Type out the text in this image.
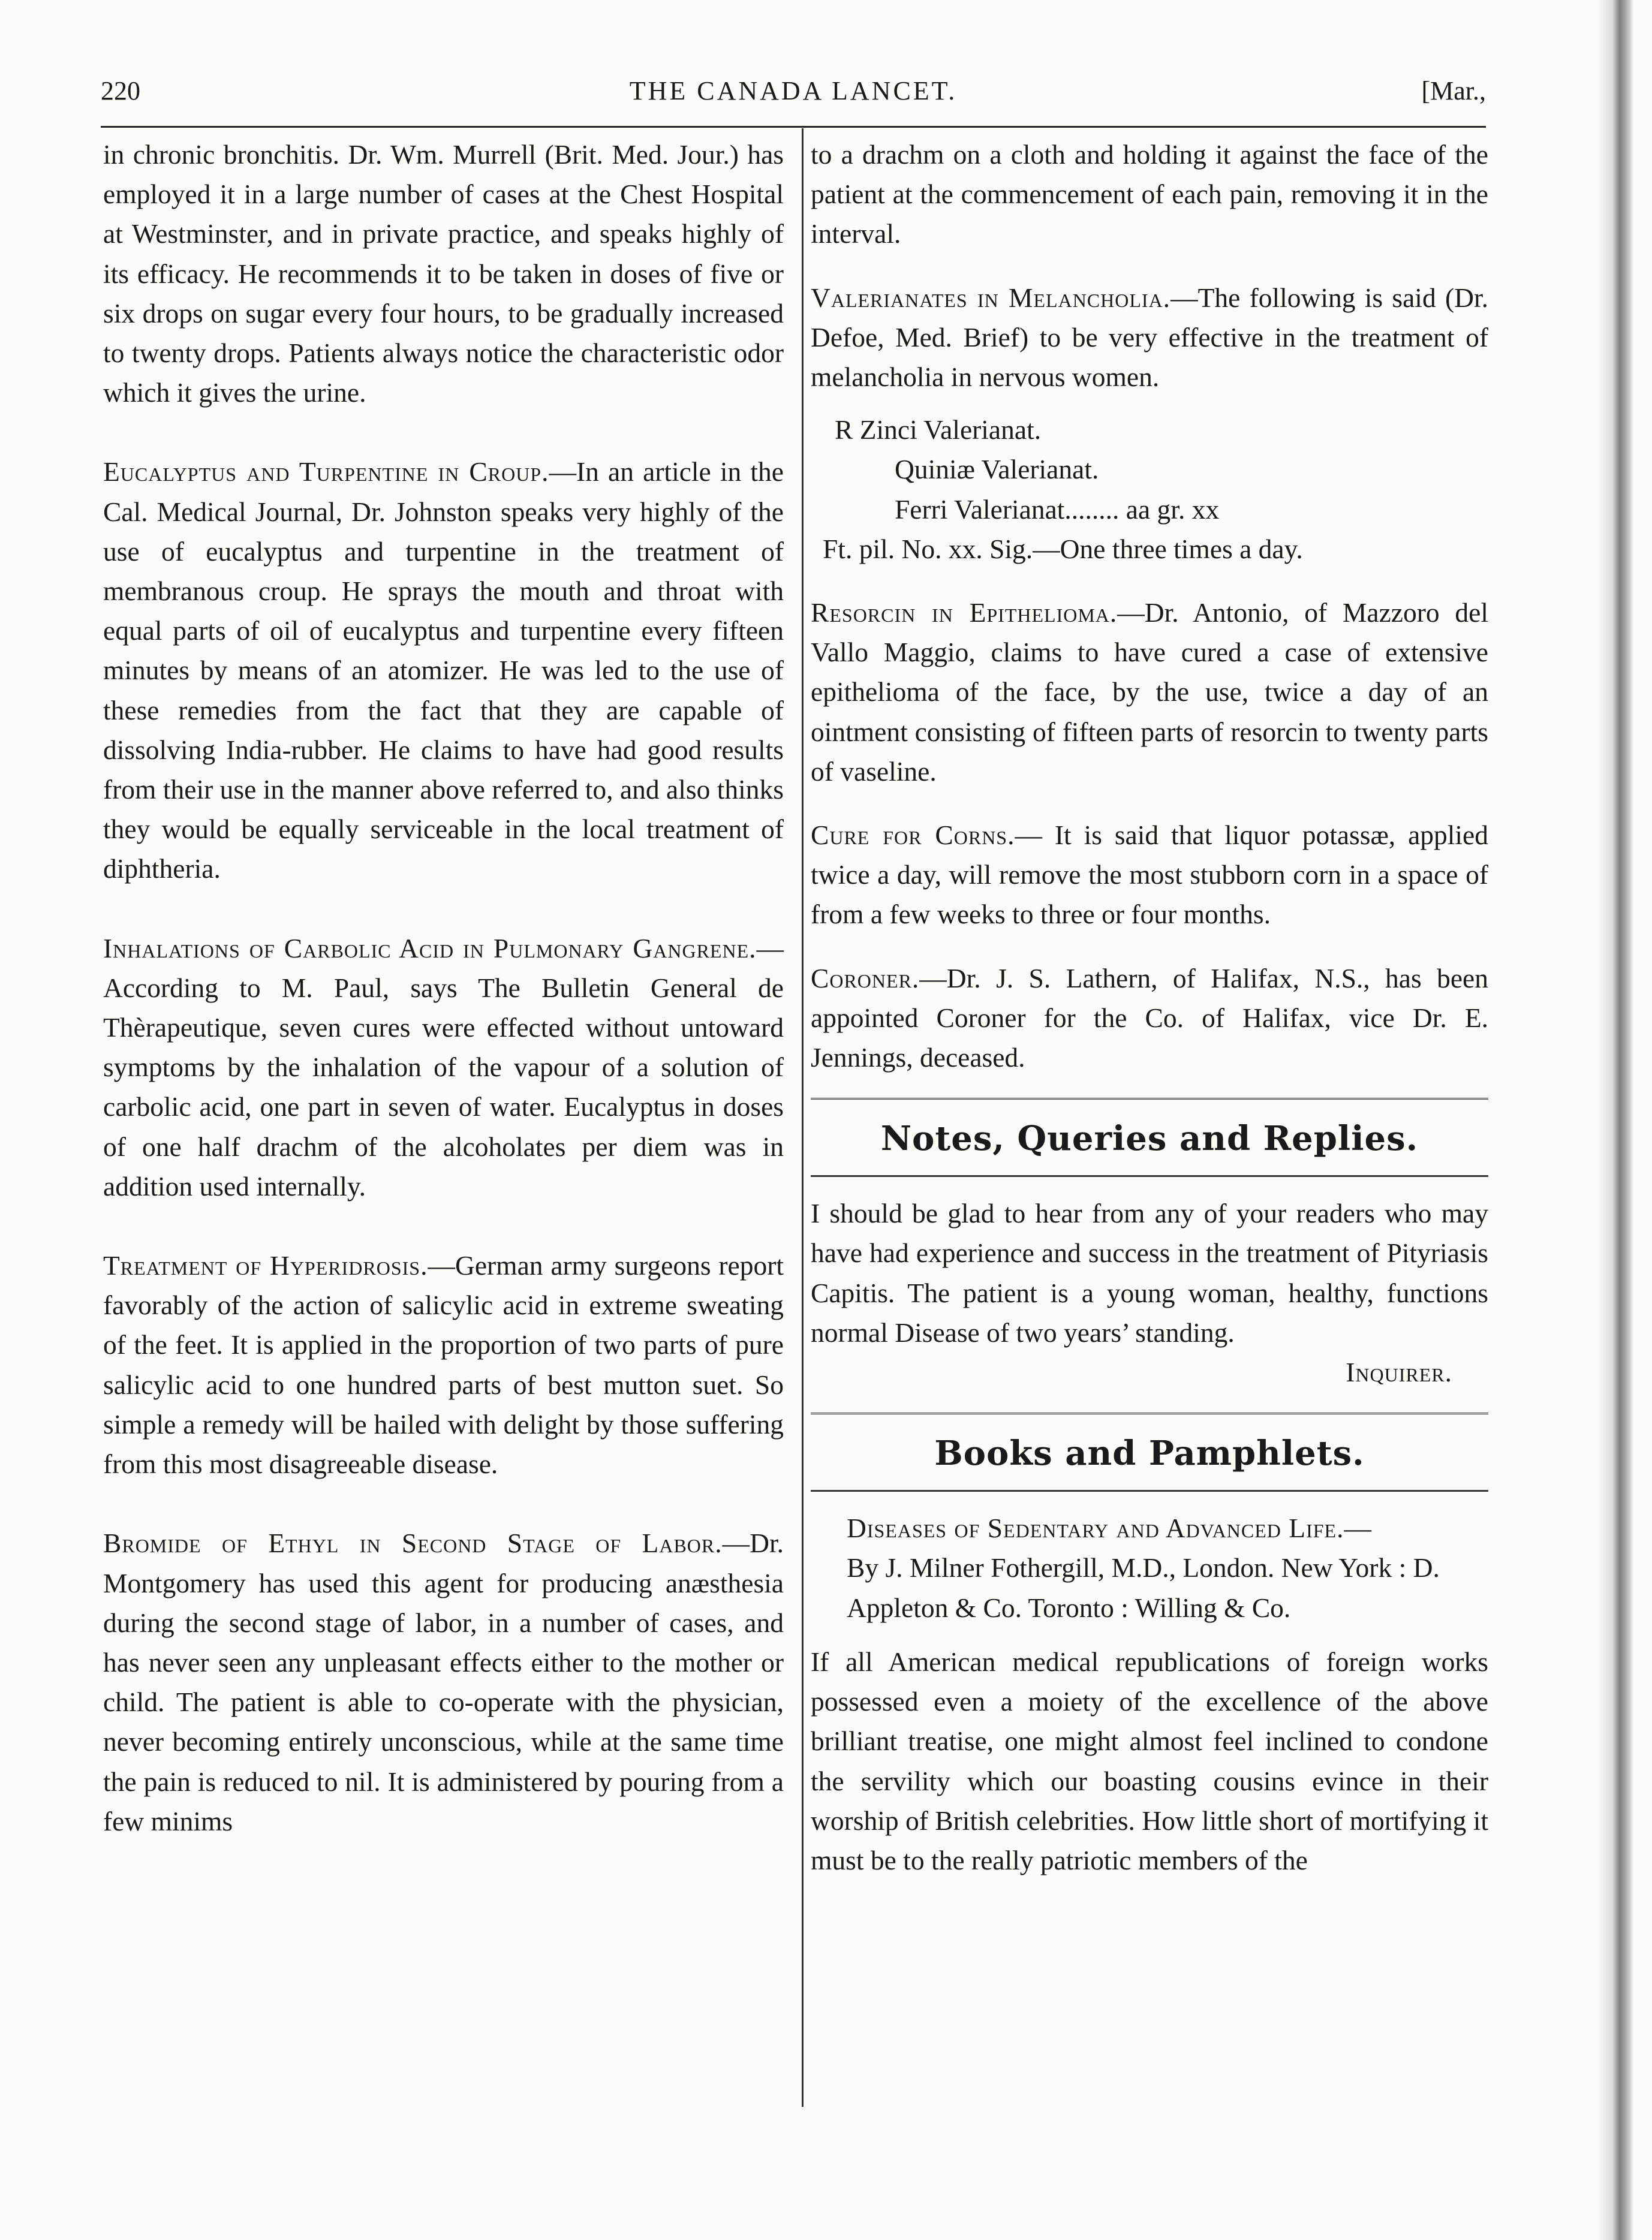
220	THE CANADA LANCET.	[Mar.,

in chronic bronchitis. Dr. Wm. Murrell (Brit. Med. Jour.) has employed it in a large number of cases at the Chest Hospital at Westminster, and in private practice, and speaks highly of its efficacy. He recommends it to be taken in doses of five or six drops on sugar every four hours, to be gradually increased to twenty drops. Patients always notice the characteristic odor which it gives the urine.

Eucalyptus and Turpentine in Croup.—In an article in the Cal. Medical Journal, Dr. Johnston speaks very highly of the use of eucalyptus and turpentine in the treatment of membranous croup. He sprays the mouth and throat with equal parts of oil of eucalyptus and turpentine every fifteen minutes by means of an atomizer. He was led to the use of these remedies from the fact that they are capable of dissolving India-rubber. He claims to have had good results from their use in the manner above referred to, and also thinks they would be equally serviceable in the local treatment of diphtheria.

Inhalations of Carbolic Acid in Pulmonary Gangrene.—According to M. Paul, says The Bulletin General de Thèrapeutique, seven cures were effected without untoward symptoms by the inhalation of the vapour of a solution of carbolic acid, one part in seven of water. Eucalyptus in doses of one half drachm of the alcoholates per diem was in addition used internally.

Treatment of Hyperidrosis.—German army surgeons report favorably of the action of salicylic acid in extreme sweating of the feet. It is applied in the proportion of two parts of pure salicylic acid to one hundred parts of best mutton suet. So simple a remedy will be hailed with delight by those suffering from this most disagreeable disease.

Bromide of Ethyl in Second Stage of Labor.—Dr. Montgomery has used this agent for producing anæsthesia during the second stage of labor, in a number of cases, and has never seen any unpleasant effects either to the mother or child. The patient is able to co-operate with the physician, never becoming entirely unconscious, while at the same time the pain is reduced to nil. It is administered by pouring from a few minims

to a drachm on a cloth and holding it against the face of the patient at the commencement of each pain, removing it in the interval.

Valerianates in Melancholia.—The following is said (Dr. Defoe, Med. Brief) to be very effective in the treatment of melancholia in nervous women.

R Zinci Valerianat.
Quiniæ Valerianat.
Ferri Valerianat........ aa gr. xx
Ft. pil. No. xx. Sig.—One three times a day.

Resorcin in Epithelioma.—Dr. Antonio, of Mazzoro del Vallo Maggio, claims to have cured a case of extensive epithelioma of the face, by the use, twice a day of an ointment consisting of fifteen parts of resorcin to twenty parts of vaseline.

Cure for Corns.— It is said that liquor potassæ, applied twice a day, will remove the most stubborn corn in a space of from a few weeks to three or four months.

Coroner.—Dr. J. S. Lathern, of Halifax, N.S., has been appointed Coroner for the Co. of Halifax, vice Dr. E. Jennings, deceased.

Notes, Queries and Replies.

I should be glad to hear from any of your readers who may have had experience and success in the treatment of Pityriasis Capitis. The patient is a young woman, healthy, functions normal Disease of two years’ standing.

Inquirer.

Books and Pamphlets.

Diseases of Sedentary and Advanced Life.—
By J. Milner Fothergill, M.D., London. New York : D. Appleton & Co. Toronto : Willing & Co.

If all American medical republications of foreign works possessed even a moiety of the excellence of the above brilliant treatise, one might almost feel inclined to condone the servility which our boasting cousins evince in their worship of British celebrities. How little short of mortifying it must be to the really patriotic members of the
